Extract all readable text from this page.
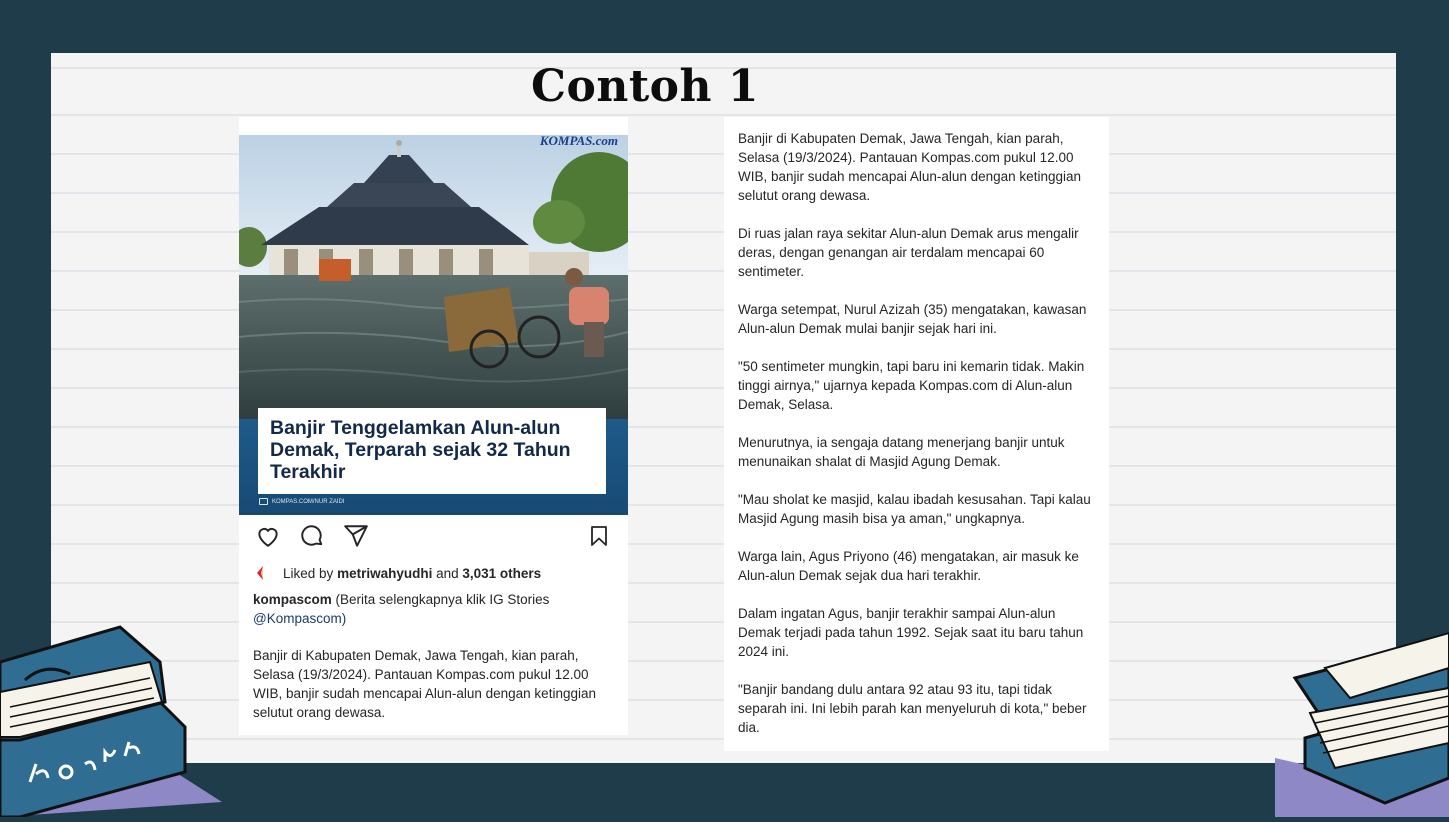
Contoh 1
KOMPAS.com
Banjir Tenggelamkan Alun-alun Demak, Terparah sejak 32 Tahun Terakhir
KOMPAS.COM/NUR ZAIDI
Liked by
metriwahyudhi
and
3,031 others
kompascom (Berita selengkapnya klik IG Stories
@Kompascom)

Banjir di Kabupaten Demak, Jawa Tengah, kian parah, Selasa (19/3/2024). Pantauan Kompas.com pukul 12.00 WIB, banjir sudah mencapai Alun-alun dengan ketinggian selutut orang dewasa.

Banjir di Kabupaten Demak, Jawa Tengah, kian parah, Selasa (19/3/2024). Pantauan Kompas.com pukul 12.00 WIB, banjir sudah mencapai Alun-alun dengan ketinggian selutut orang dewasa.

Di ruas jalan raya sekitar Alun-alun Demak arus mengalir deras, dengan genangan air terdalam mencapai 60 sentimeter.

Warga setempat, Nurul Azizah (35) mengatakan, kawasan Alun-alun Demak mulai banjir sejak hari ini.

"50 sentimeter mungkin, tapi baru ini kemarin tidak. Makin tinggi airnya," ujarnya kepada Kompas.com di Alun-alun Demak, Selasa.

Menurutnya, ia sengaja datang menerjang banjir untuk menunaikan shalat di Masjid Agung Demak.

"Mau sholat ke masjid, kalau ibadah kesusahan. Tapi kalau Masjid Agung masih bisa ya aman," ungkapnya.

Warga lain, Agus Priyono (46) mengatakan, air masuk ke Alun-alun Demak sejak dua hari terakhir.

Dalam ingatan Agus, banjir terakhir sampai Alun-alun Demak terjadi pada tahun 1992. Sejak saat itu baru tahun 2024 ini.

"Banjir bandang dulu antara 92 atau 93 itu, tapi tidak separah ini. Ini lebih parah kan menyeluruh di kota," beber dia.
